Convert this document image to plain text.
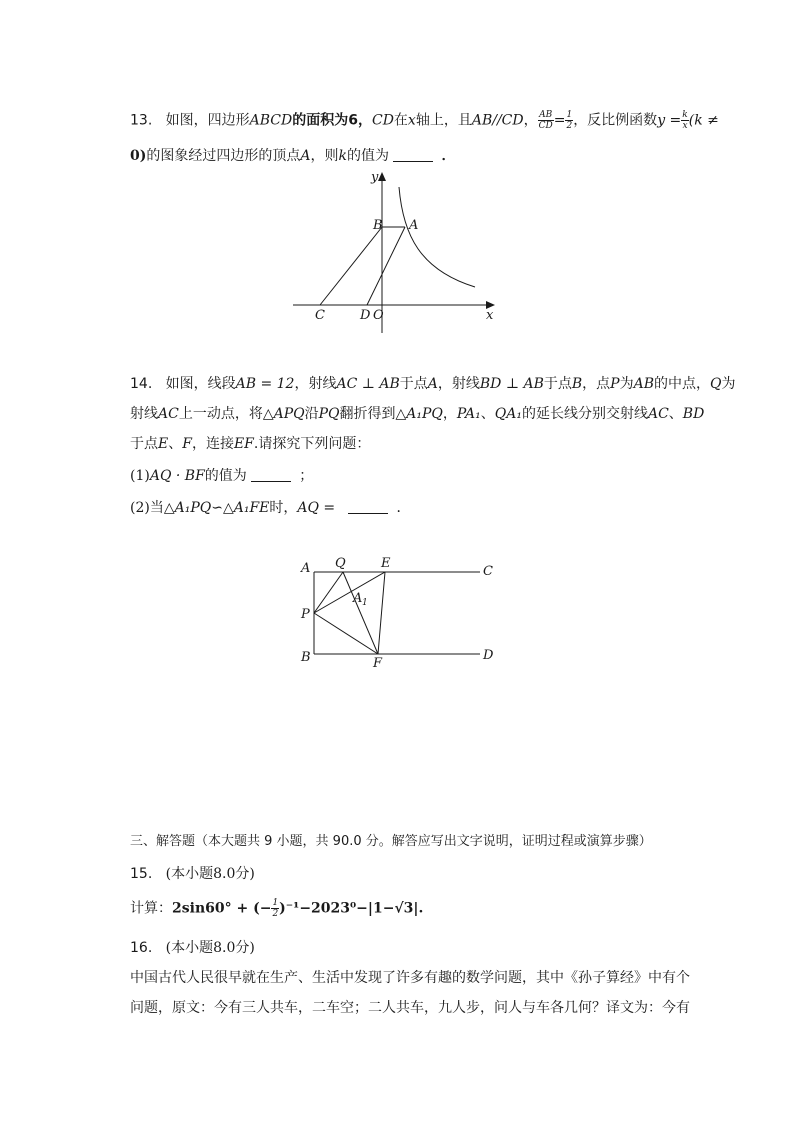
13. 如图，四边形ABCD的面积为6，CD在x轴上，且AB//CD， $\frac{AB}{CD} = \frac{1}{2}$ ，反比例函数$y = \frac{k}{x} (k$ ≠
0)的图象经过四边形的顶点A，则k的值为	．
y
B A
C	D O	x
14. 如图，线段AB = 12，射线AC ⊥ AB于点A，射线BD ⊥ AB于点B，点P为AB的中点，Q为
射线AC上一动点，将△APQ沿PQ翻折得到△A₁PQ，PA₁、QA₁的延长线分别交射线AC、BD
于点E、F，连接EF.请探究下列问题：
(1)AQ · BF的值为	；
(2)当△A₁PQ∽△A₁FE时，AQ =	．
A Q	E
C
A 1
P
B	F
D
三、解答题（本大题共 9 小题，共 90.0 分。解答应写出文字说明，证明过程或演算步骤）
15. (本小题8.0分)
计算：2sin60° + (− $\frac{1}{2} )^{-1}-2023^0-|1-√3|$.
16. (本小题8.0分)
中国古代人民很早就在生产、生活中发现了许多有趣的数学问题，其中《孙子算经》中有个
问题，原文：今有三人共车，二车空；二人共车，九人步，问人与车各几何？译文为：今有
